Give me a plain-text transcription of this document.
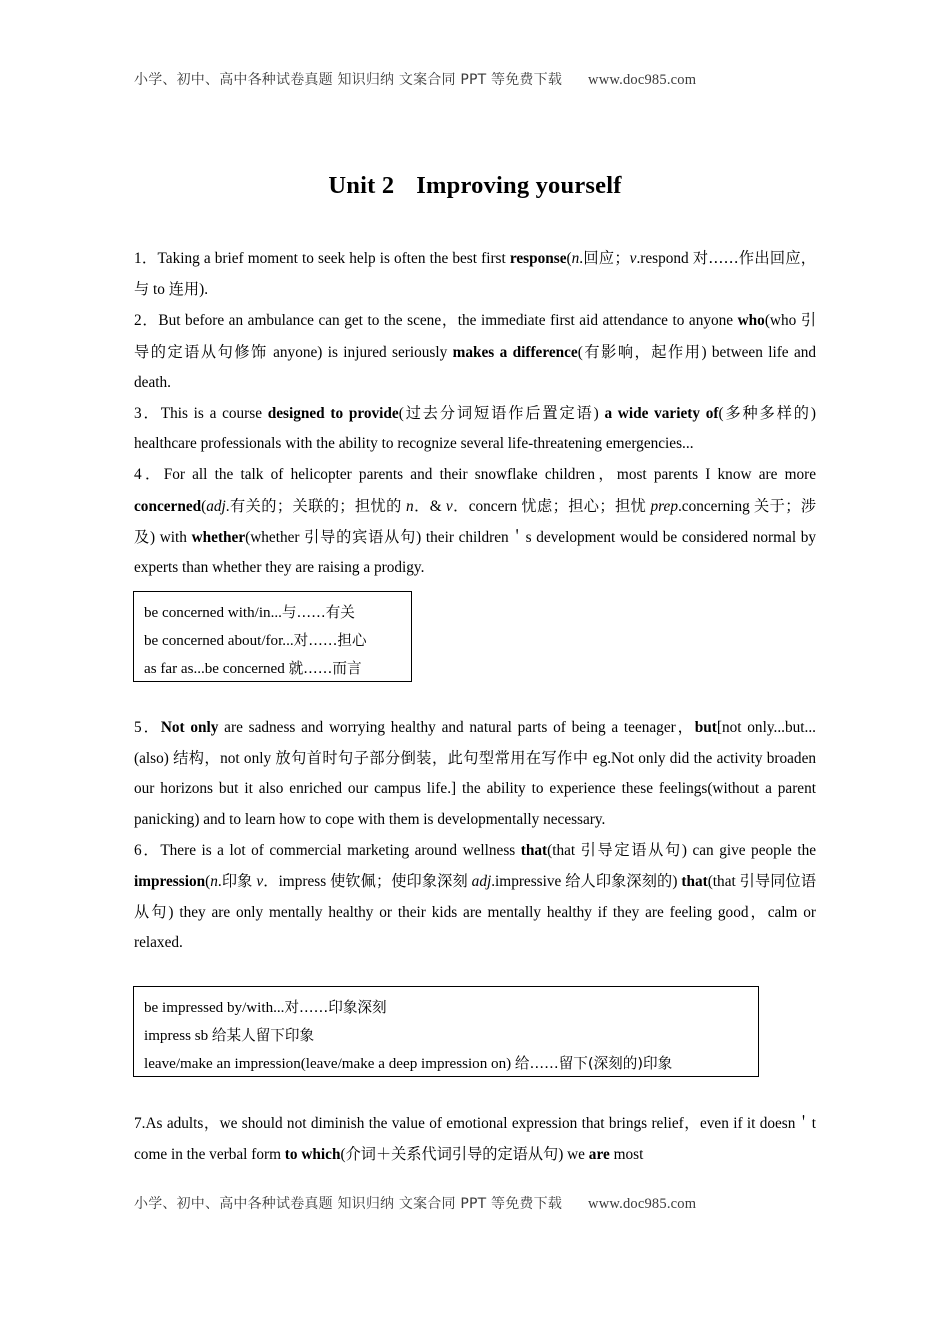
小学、初中、高中各种试卷真题 知识归纳 文案合同 PPT 等免费下载 www.doc985.com
Unit 2 Improving yourself

1．Taking a brief moment to seek help is often the best first response(n.回应；v.respond 对……作出回应，与 to 连用).

2．But before an ambulance can get to the scene，the immediate first aid attendance to anyone who(who 引导的定语从句修饰 anyone) is injured seriously makes a difference(有影响，起作用) between life and death.

3．This is a course designed to provide(过去分词短语作后置定语) a wide variety of(多种多样的) healthcare professionals with the ability to recognize several life-threatening emergencies...

4．For all the talk of helicopter parents and their snowflake children，most parents I know are more concerned(adj.有关的；关联的；担忧的 n．& v．concern 忧虑；担心；担忧 prep.concerning 关于；涉及) with whether(whether 引导的宾语从句) their children＇s development would be considered normal by experts than whether they are raising a prodigy.

be concerned with/in...与……有关
be concerned about/for...对……担心
as far as...be concerned 就……而言

5．Not only are sadness and worrying healthy and natural parts of being a teenager，but[not only...but...(also) 结构，not only 放句首时句子部分倒装，此句型常用在写作中 eg.Not only did the activity broaden our horizons but it also enriched our campus life.] the ability to experience these feelings(without a parent panicking) and to learn how to cope with them is developmentally necessary.

6．There is a lot of commercial marketing around wellness that(that 引导定语从句) can give people the impression(n.印象 v．impress 使钦佩；使印象深刻 adj.impressive 给人印象深刻的) that(that 引导同位语从句) they are only mentally healthy or their kids are mentally healthy if they are feeling good，calm or relaxed.

be impressed by/with...对……印象深刻
impress sb 给某人留下印象
leave/make an impression(leave/make a deep impression on) 给……留下(深刻的)印象

7.As adults，we should not diminish the value of emotional expression that brings relief，even if it doesn＇t come in the verbal form to which(介词＋关系代词引导的定语从句) we are most

小学、初中、高中各种试卷真题 知识归纳 文案合同 PPT 等免费下载 www.doc985.com
